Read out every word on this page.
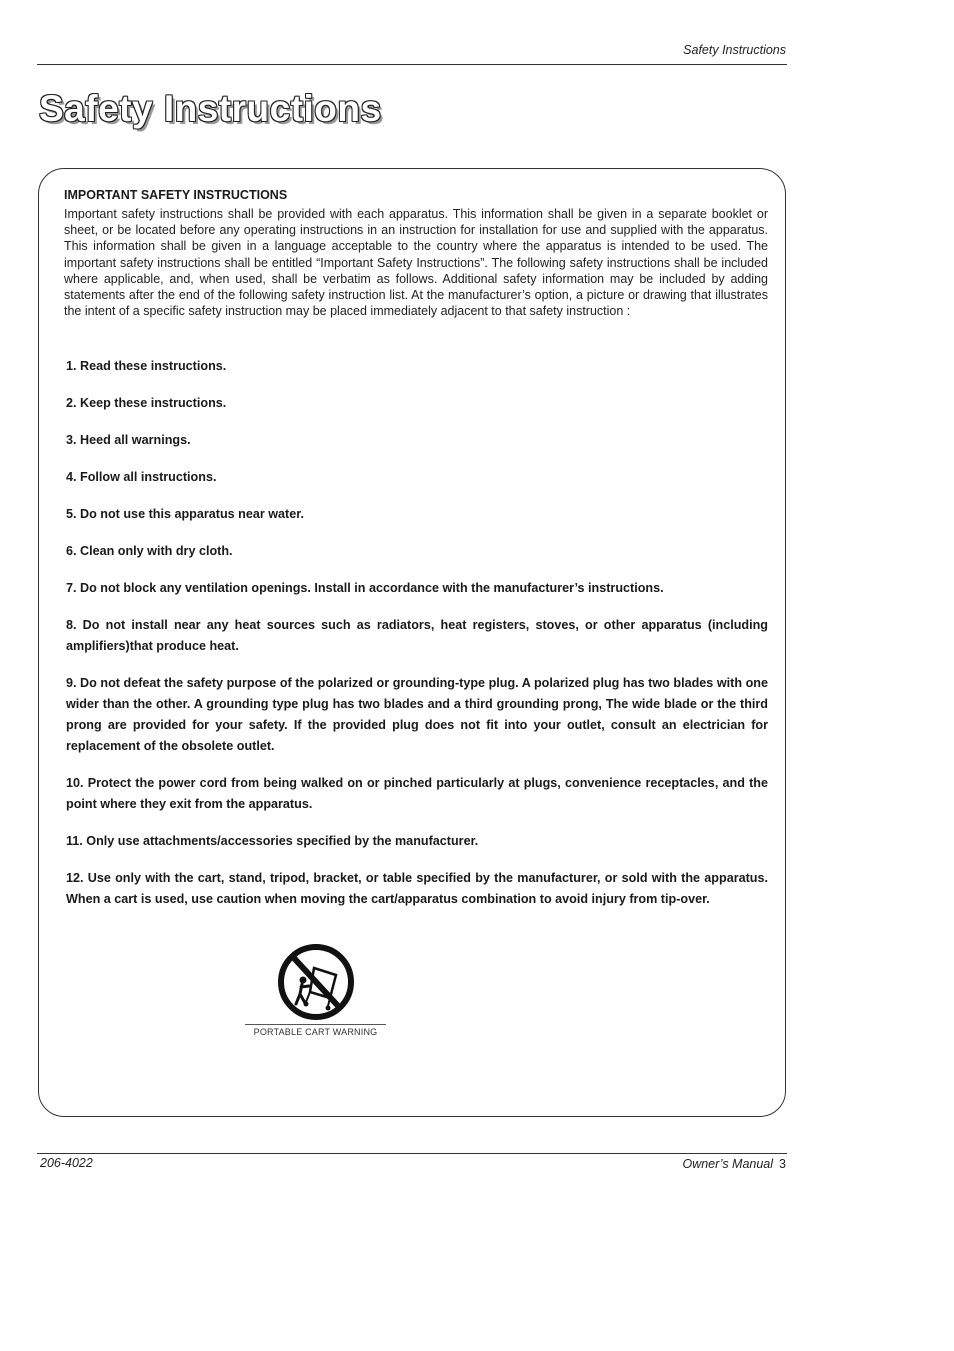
Safety Instructions
Safety Instructions
IMPORTANT SAFETY INSTRUCTIONS

Important safety instructions shall be provided with each apparatus. This information shall be given in a separate booklet or sheet, or be located before any operating instructions in an instruction for installation for use and supplied with the apparatus. This information shall be given in a language acceptable to the country where the apparatus is intended to be used. The important safety instructions shall be entitled “Important Safety Instructions”. The following safety instructions shall be included where applicable, and, when used, shall be verbatim as follows. Additional safety information may be included by adding statements after the end of the following safety instruction list. At the manufacturer’s option, a picture or drawing that illustrates the intent of a specific safety instruction may be placed immediately adjacent to that safety instruction :

1. Read these instructions.
2. Keep these instructions.
3. Heed all warnings.
4. Follow all instructions.
5. Do not use this apparatus near water.
6. Clean only with dry cloth.
7. Do not block any ventilation openings. Install in accordance with the manufacturer’s instructions.
8. Do not install near any heat sources such as radiators, heat registers, stoves, or other apparatus (including amplifiers)that produce heat.
9. Do not defeat the safety purpose of the polarized or grounding-type plug. A polarized plug has two blades with one wider than the other. A grounding type plug has two blades and a third grounding prong, The wide blade or the third prong are provided for your safety. If the provided plug does not fit into your outlet, consult an electrician for replacement of the obsolete outlet.
10. Protect the power cord from being walked on or pinched particularly at plugs, convenience receptacles, and the point where they exit from the apparatus.
11. Only use attachments/accessories specified by the manufacturer.
12. Use only with the cart, stand, tripod, bracket, or table specified by the manufacturer, or sold with the apparatus. When a cart is used, use caution when moving the cart/apparatus combination to avoid injury from tip-over.
PORTABLE CART WARNING
206-4022	Owner’s Manual 3
